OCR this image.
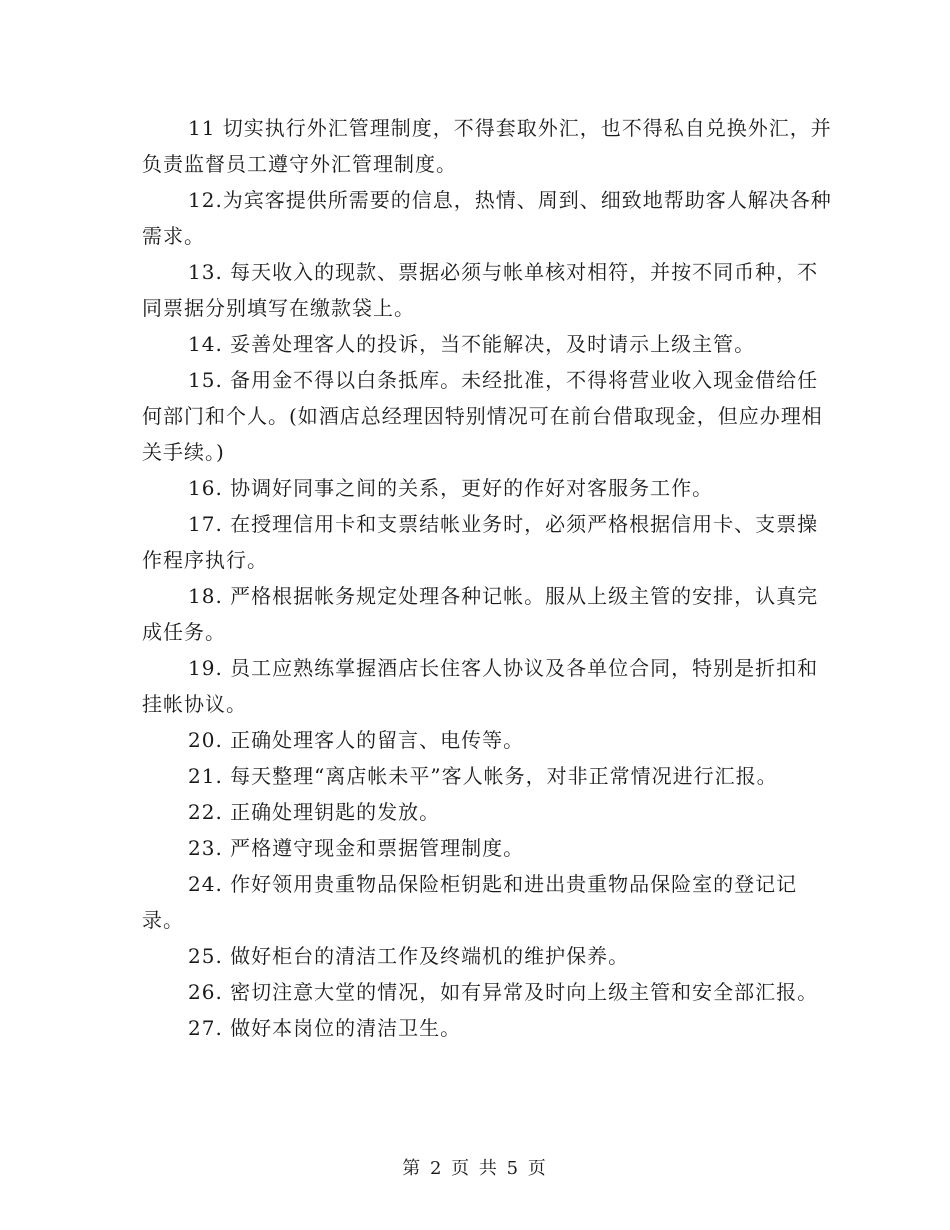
11 切实执行外汇管理制度，不得套取外汇，也不得私自兑换外汇，并负责监督员工遵守外汇管理制度。

12.为宾客提供所需要的信息，热情、周到、细致地帮助客人解决各种需求。

13. 每天收入的现款、票据必须与帐单核对相符，并按不同币种，不同票据分别填写在缴款袋上。

14. 妥善处理客人的投诉，当不能解决，及时请示上级主管。

15. 备用金不得以白条抵库。未经批准，不得将营业收入现金借给任何部门和个人。(如酒店总经理因特别情况可在前台借取现金，但应办理相关手续。)

16. 协调好同事之间的关系，更好的作好对客服务工作。

17. 在授理信用卡和支票结帐业务时，必须严格根据信用卡、支票操作程序执行。

18. 严格根据帐务规定处理各种记帐。服从上级主管的安排，认真完成任务。

19. 员工应熟练掌握酒店长住客人协议及各单位合同，特别是折扣和挂帐协议。

20. 正确处理客人的留言、电传等。

21. 每天整理“离店帐未平”客人帐务，对非正常情况进行汇报。

22. 正确处理钥匙的发放。

23. 严格遵守现金和票据管理制度。

24. 作好领用贵重物品保险柜钥匙和进出贵重物品保险室的登记记录。

25. 做好柜台的清洁工作及终端机的维护保养。

26. 密切注意大堂的情况，如有异常及时向上级主管和安全部汇报。

27. 做好本岗位的清洁卫生。

第 2 页 共 5 页
